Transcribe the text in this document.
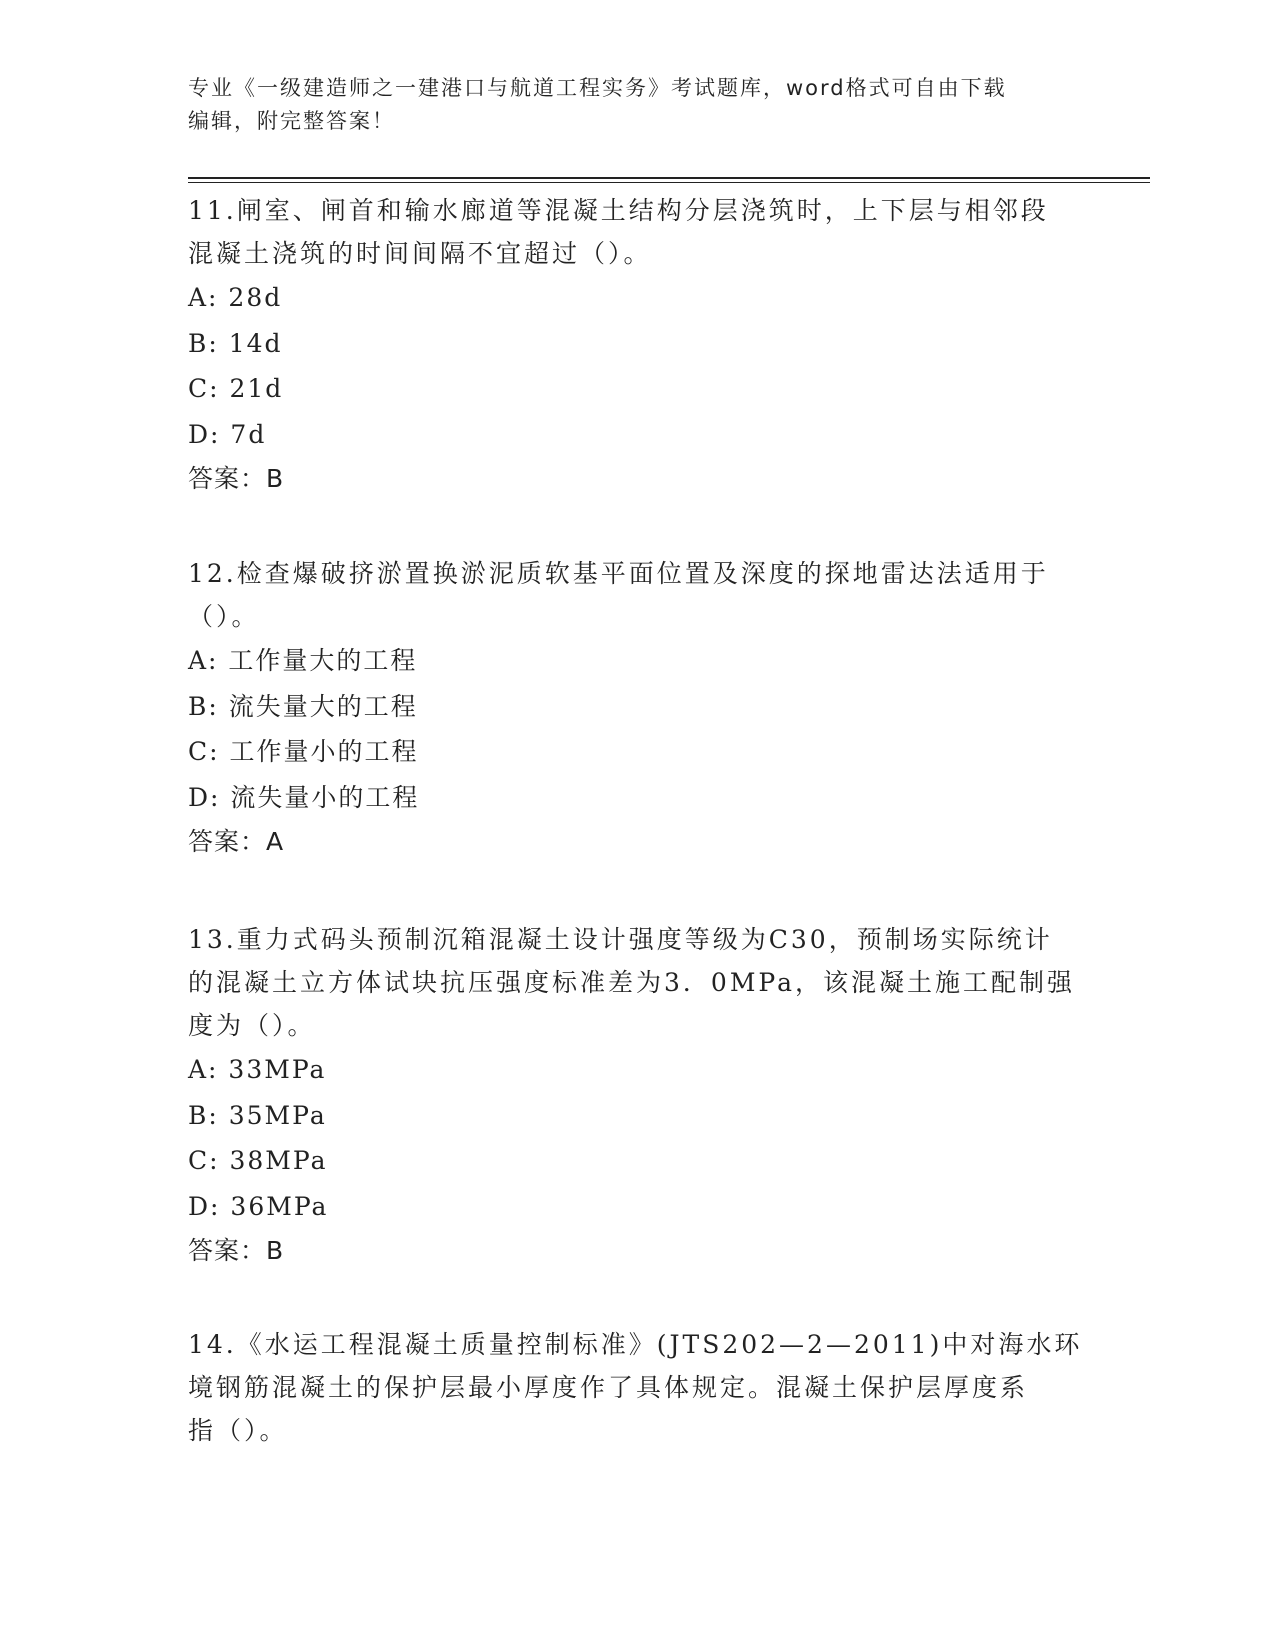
专业《一级建造师之一建港口与航道工程实务》考试题库，word格式可自由下载
编辑，附完整答案！

11.闸室、闸首和输水廊道等混凝土结构分层浇筑时，上下层与相邻段

混凝土浇筑的时间间隔不宜超过（）。

A: 28d

B: 14d

C: 21d

D: 7d

答案：B

12.检查爆破挤淤置换淤泥质软基平面位置及深度的探地雷达法适用于

（）。

A: 工作量大的工程

B: 流失量大的工程

C: 工作量小的工程

D: 流失量小的工程

答案：A

13.重力式码头预制沉箱混凝土设计强度等级为C30，预制场实际统计

的混凝土立方体试块抗压强度标准差为3．0MPa，该混凝土施工配制强

度为（）。

A: 33MPa

B: 35MPa

C: 38MPa

D: 36MPa

答案：B

14.《水运工程混凝土质量控制标准》(JTS202—2—2011)中对海水环

境钢筋混凝土的保护层最小厚度作了具体规定。混凝土保护层厚度系

指（）。
